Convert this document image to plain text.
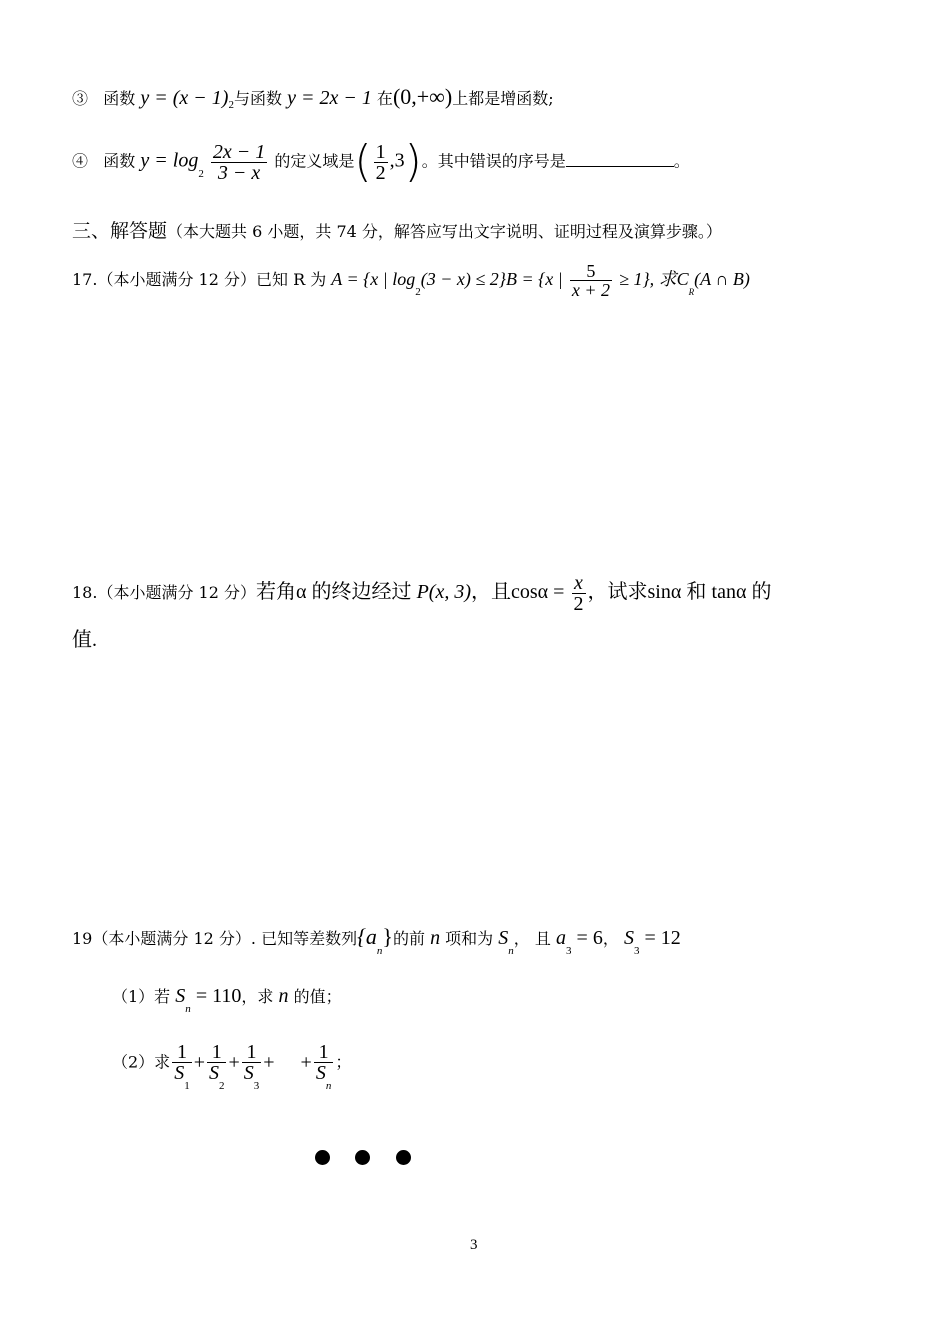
③ 函数 $y = (x - 1)_2$与函数 y = 2x − 1 在(0,+∞)上都是增函数;
④ 函数 $y = \log_2 \frac{2x - 1}{3 - x}$ 的定义域是( $\frac{1}{2} ,3$)。其中错误的序号是	。
三、解答题（本大题共 6 小题，共 74 分，解答应写出文字说明、证明过程及演算步骤。）
17.（本小题满分 12 分）已知 R 为 A = {x | $\log_2(3 - x) \le 2\}B = \{x$ | $\frac{5}{x + 2} \ge 1$}, 求$C_R(A$ ∩ B)
18.（本小题满分 12 分）若角α 的终边经过 P(x, 3)，且$\cos\alpha = \frac{x}{2}$ ，试求sinα 和 tanα 的
值.
19（本小题满分 12 分）. 已知等差数列$\{a_n\}$的前 n 项和为 $S_n$， 且 $a_3 = 6$， $S_3 = 12$
（1）若 $S_n = 110$，求 n 的值；
（2）求 $\frac{1}{S_1} + \frac{1}{S_2} + \frac{1}{S_3}$ + + $\frac{1}{S_n}$ ；
3
